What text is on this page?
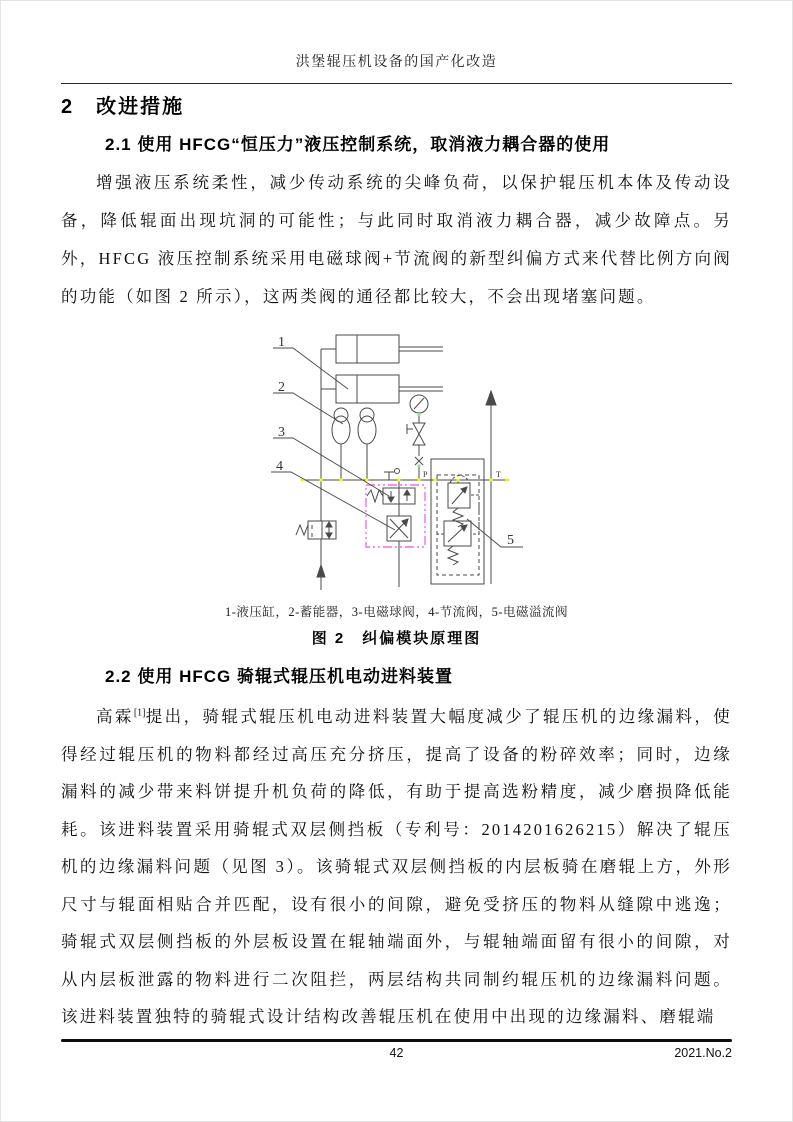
洪堡辊压机设备的国产化改造
2　改进措施
2.1 使用 HFCG“恒压力”液压控制系统，取消液力耦合器的使用

增强液压系统柔性，减少传动系统的尖峰负荷，以保护辊压机本体及传动设备，降低辊面出现坑洞的可能性；与此同时取消液力耦合器，减少故障点。另外，HFCG 液压控制系统采用电磁球阀+节流阀的新型纠偏方式来代替比例方向阀的功能（如图 2 所示），这两类阀的通径都比较大，不会出现堵塞问题。

1
2
3
4
5
P	T
1-液压缸，2-蓄能器，3-电磁球阀，4-节流阀，5-电磁溢流阀
图 2　纠偏模块原理图
2.2 使用 HFCG 骑辊式辊压机电动进料装置

高霖[1]提出，骑辊式辊压机电动进料装置大幅度减少了辊压机的边缘漏料，使得经过辊压机的物料都经过高压充分挤压，提高了设备的粉碎效率；同时，边缘漏料的减少带来料饼提升机负荷的降低，有助于提高选粉精度，减少磨损降低能耗。该进料装置采用骑辊式双层侧挡板（专利号：2014201626215）解决了辊压机的边缘漏料问题（见图 3）。该骑辊式双层侧挡板的内层板骑在磨辊上方，外形尺寸与辊面相贴合并匹配，设有很小的间隙，避免受挤压的物料从缝隙中逃逸；骑辊式双层侧挡板的外层板设置在辊轴端面外，与辊轴端面留有很小的间隙，对从内层板泄露的物料进行二次阻拦，两层结构共同制约辊压机的边缘漏料问题。该进料装置独特的骑辊式设计结构改善辊压机在使用中出现的边缘漏料、磨辊端

42	2021.No.2
